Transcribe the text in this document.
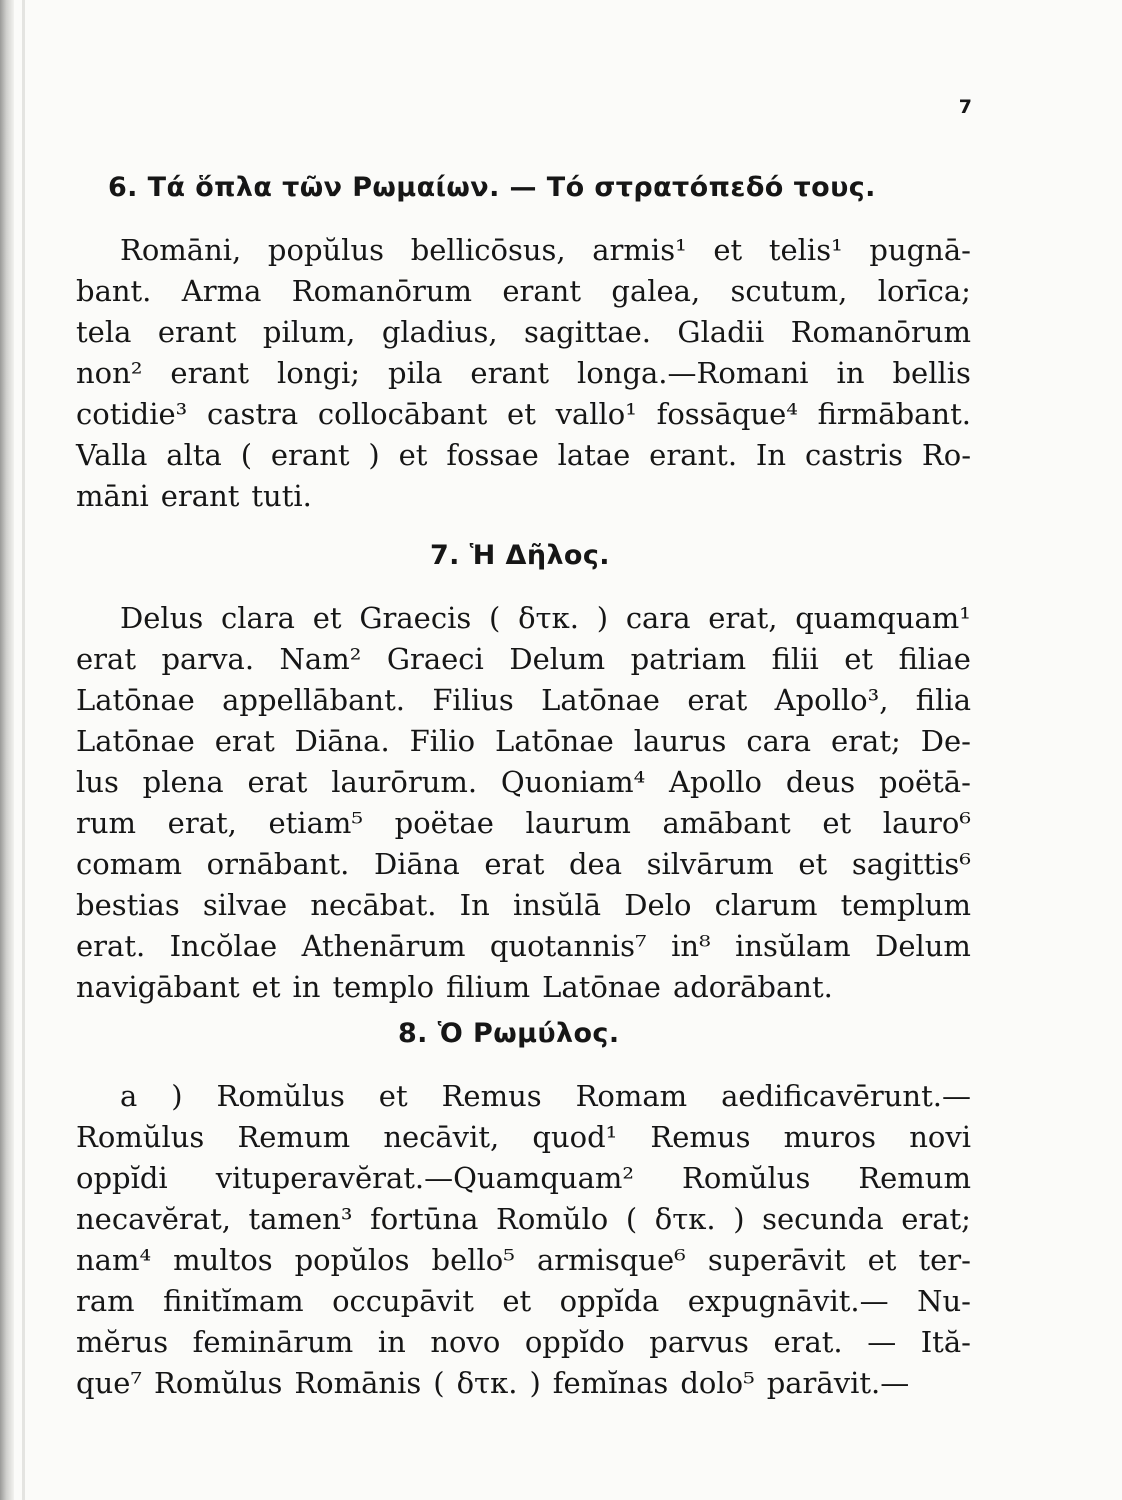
7
6. Τά ὅπλα τῶν Ρωμαίων. — Τό στρατόπεδό τους.
Romāni, popŭlus bellicōsus, armis¹ et telis¹ pugnā-
bant. Arma Romanōrum erant galea, scutum, lorīca;
tela erant pilum, gladius, sagittae. Gladii Romanōrum
non² erant longi; pila erant longa.—Romani in bellis
cotidie³ castra collocābant et vallo¹ fossāque⁴ firmābant.
Valla alta ( erant ) et fossae latae erant. In castris Ro-
māni erant tuti.
7. Ἡ Δῆλος.
Delus clara et Graecis ( δτκ. ) cara erat, quamquam¹
erat parva. Nam² Graeci Delum patriam filii et filiae
Latōnae appellābant. Filius Latōnae erat Apollo³, filia
Latōnae erat Diāna. Filio Latōnae laurus cara erat; De-
lus plena erat laurōrum. Quoniam⁴ Apollo deus poëtā-
rum erat, etiam⁵ poëtae laurum amābant et lauro⁶
comam ornābant. Diāna erat dea silvārum et sagittis⁶
bestias silvae necābat. In insŭlā Delo clarum templum
erat. Incŏlae Athenārum quotannis⁷ in⁸ insŭlam Delum
navigābant et in templo filium Latōnae adorābant.
8. Ὁ Ρωμύλος.
a ) Romŭlus et Remus Romam aedificavērunt.—
Romŭlus Remum necāvit, quod¹ Remus muros novi
oppĭdi vituperavĕrat.—Quamquam² Romŭlus Remum
necavĕrat, tamen³ fortūna Romŭlo ( δτκ. ) secunda erat;
nam⁴ multos popŭlos bello⁵ armisque⁶ superāvit et ter-
ram finitĭmam occupāvit et oppĭda expugnāvit.— Nu-
mĕrus feminārum in novo oppĭdo parvus erat. — Ită-
que⁷ Romŭlus Romānis ( δτκ. ) femĭnas dolo⁵ parāvit.—
